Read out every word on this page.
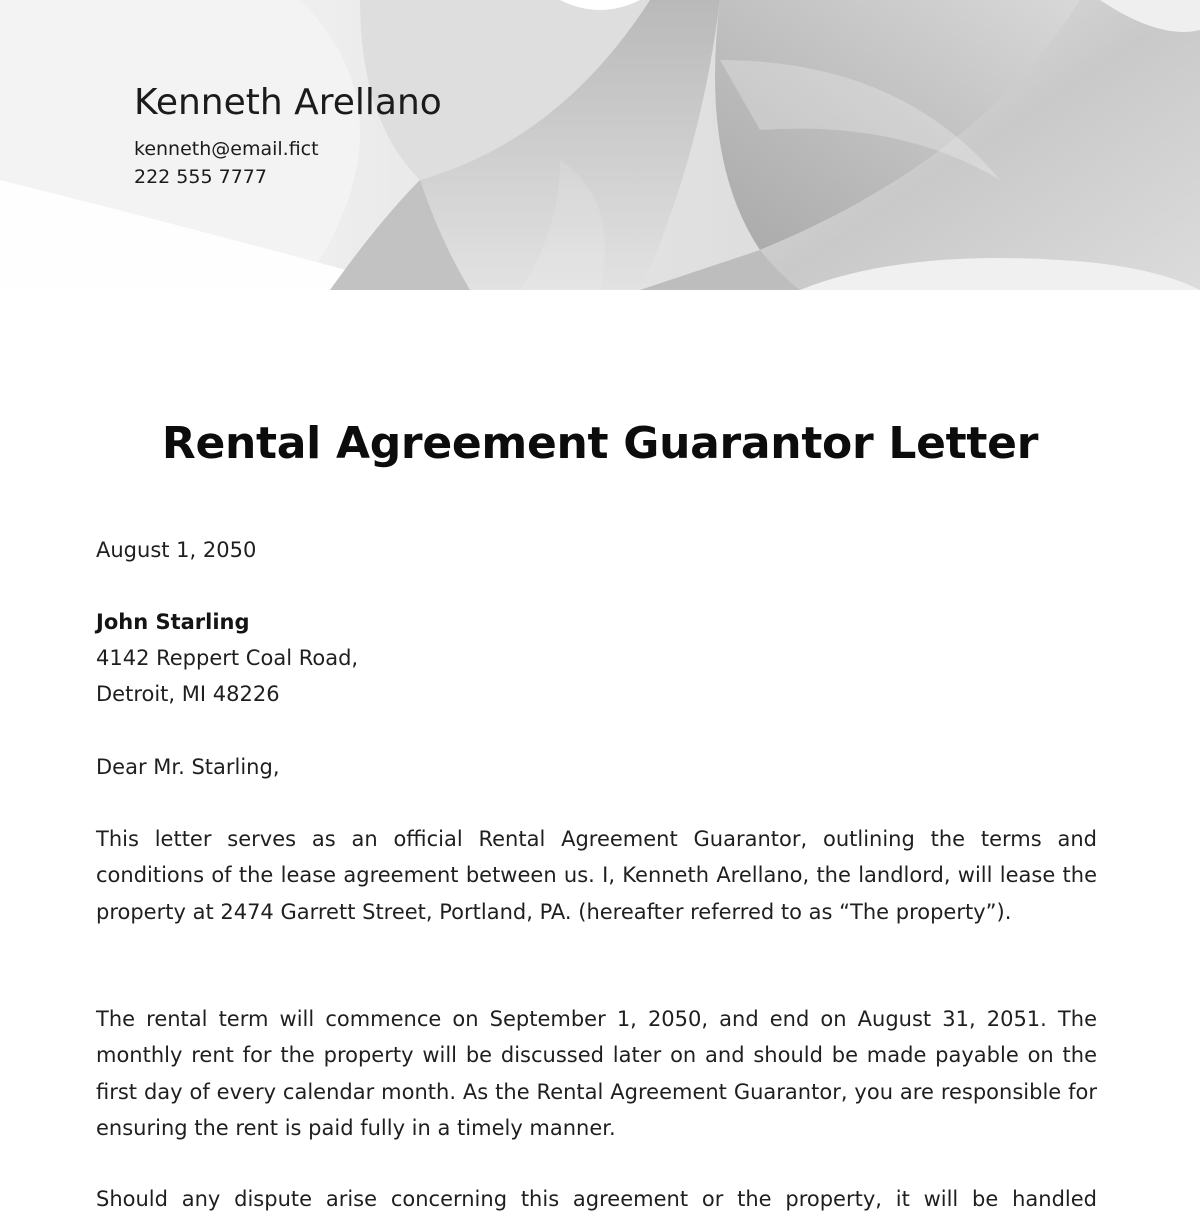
Kenneth Arellano
kenneth@email.fict
222 555 7777
Rental Agreement Guarantor Letter
August 1, 2050
John Starling
4142 Reppert Coal Road,
Detroit, MI 48226
Dear Mr. Starling,
This letter serves as an official Rental Agreement Guarantor, outlining the terms and conditions of the lease agreement between us. I, Kenneth Arellano, the landlord, will lease the property at 2474 Garrett Street, Portland, PA. (hereafter referred to as “The property”).
The rental term will commence on September 1, 2050, and end on August 31, 2051. The monthly rent for the property will be discussed later on and should be made payable on the first day of every calendar month. As the Rental Agreement Guarantor, you are responsible for ensuring the rent is paid fully in a timely manner.
Should any dispute arise concerning this agreement or the property, it will be handled
